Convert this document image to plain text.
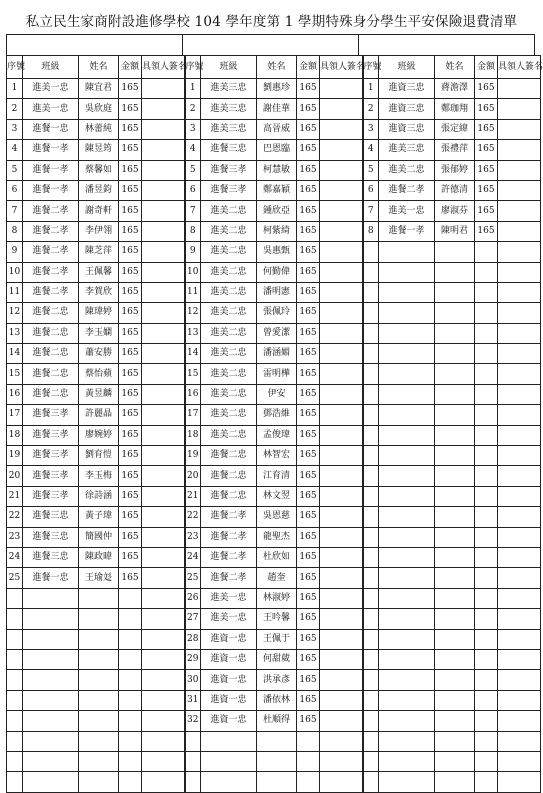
私立民生家商附設進修學校 104 學年度第 1 學期特殊身分學生平安保險退費清單
序號	班級	姓名	金額	具領人簽名	序號	班級	姓名	金額	具領人簽名	序號	班級	姓名	金額	具領人簽名
1	進美一忠	陳宜君	165		1	進美三忠	劉惠珍	165		1	進資三忠	蔣澹澤	165	
2	進美一忠	吳欣庭	165		2	進美三忠	謝佳華	165		2	進資三忠	鄭珈翔	165	
3	進餐一忠	林蕾純	165		3	進美三忠	高晉威	165		3	進資三忠	張定緯	165	
4	進餐一孝	陳昱筠	165		4	進餐三忠	巴恩臨	165		4	進美三忠	張禮萍	165	
5	進餐一孝	蔡馨如	165		5	進餐三孝	柯慧敏	165		5	進美二忠	張郁婷	165	
6	進餐一孝	潘昱鈞	165		6	進餐三孝	鄭嘉穎	165		6	進餐二孝	許德清	165	
7	進餐二孝	謝奇軒	165		7	進美二忠	鍾欣亞	165		7	進美一忠	廖淑芬	165	
8	進餐二孝	李伊翎	165		8	進美二忠	柯紫綺	165		8	進餐一孝	陳明君	165	
9	進餐二孝	陳芝萍	165		9	進美二忠	吳惠甄	165						
10	進餐二孝	王佩馨	165		10	進美二忠	何勤偉	165						
11	進餐二孝	李賀欣	165		11	進美二忠	潘明憲	165						
12	進餐二忠	陳瑋婷	165		12	進美二忠	張佩玲	165						
13	進餐二忠	李玉嫻	165		13	進美二忠	曾愛潔	165						
14	進餐二忠	蕭安勝	165		14	進美二忠	潘涵媚	165						
15	進餐二忠	蔡怡蘋	165		15	進美二忠	雷明樺	165						
16	進餐二忠	黃昱麟	165		16	進美二忠	伊安	165						
17	進餐三孝	許麗晶	165		17	進美二忠	鄧浩維	165						
18	進餐三孝	廖婉婷	165		18	進美二忠	孟俊瑋	165						
19	進餐三孝	劉育愷	165		19	進餐二忠	林智宏	165						
20	進餐三孝	李玉梅	165		20	進餐二忠	江育清	165						
21	進餐三孝	徐詩涵	165		21	進餐二忠	林文翌	165						
22	進餐三忠	黃子瑋	165		22	進餐二孝	吳恩慈	165						
23	進餐三忠	簡國仲	165		23	進餐二孝	龍聖杰	165						
24	進餐三忠	陳政暐	165		24	進餐二孝	杜欣如	165						
25	進餐一忠	王瑜彣	165		25	進餐二孝	趙奎	165						
					26	進美一忠	林淑婷	165						
					27	進美一忠	王吟馨	165						
					28	進資一忠	王佩于	165						
					29	進資一忠	何甜葳	165						
					30	進資一忠	洪承彥	165						
					31	進資一忠	潘依林	165						
					32	進資一忠	杜順得	165						
